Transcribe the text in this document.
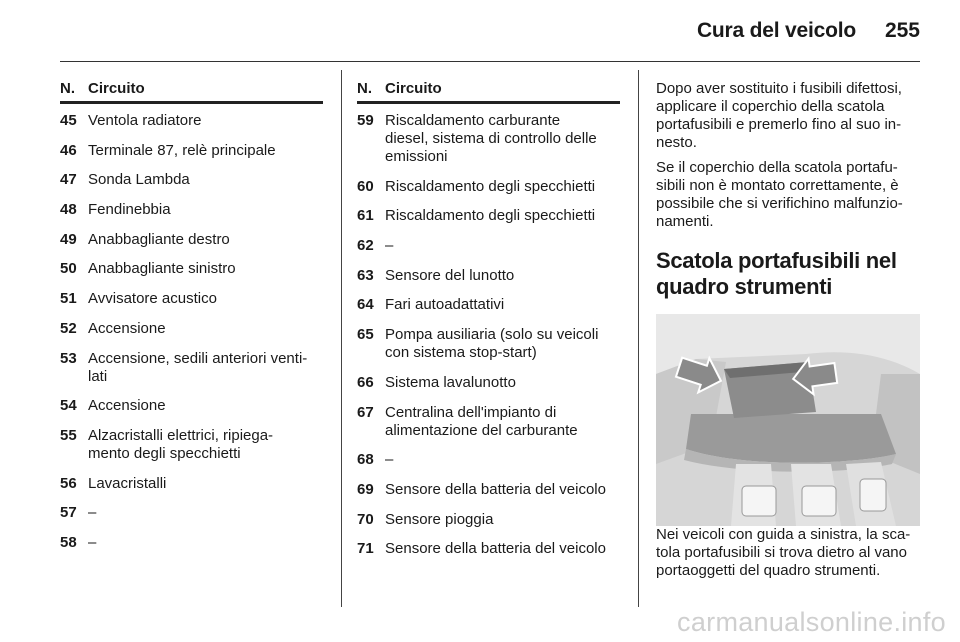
Cura del veicolo 255
N. Circuito
45 Ventola radiatore
46 Terminale 87, relè principale
47 Sonda Lambda
48 Fendinebbia
49 Anabbagliante destro
50 Anabbagliante sinistro
51 Avvisatore acustico
52 Accensione
53 Accensione, sedili anteriori venti-
lati
54 Accensione
55 Alzacristalli elettrici, ripiega-
mento degli specchietti
56 Lavacristalli
57 –
58 –
N. Circuito
59 Riscaldamento carburante
diesel, sistema di controllo delle
emissioni
60 Riscaldamento degli specchietti
61 Riscaldamento degli specchietti
62 –
63 Sensore del lunotto
64 Fari autoadattativi
65 Pompa ausiliaria (solo su veicoli
con sistema stop-start)
66 Sistema lavalunotto
67 Centralina dell'impianto di
alimentazione del carburante
68 –
69 Sensore della batteria del veicolo
70 Sensore pioggia
71 Sensore della batteria del veicolo

Dopo aver sostituito i fusibili difettosi,
applicare il coperchio della scatola
portafusibili e premerlo fino al suo in-
nesto.

Se il coperchio della scatola portafu-
sibili non è montato correttamente, è
possibile che si verifichino malfunzio-
namenti.

Scatola portafusibili nel
quadro strumenti

Nei veicoli con guida a sinistra, la sca-
tola portafusibili si trova dietro al vano
portaoggetti del quadro strumenti.

carmanualsonline.info
